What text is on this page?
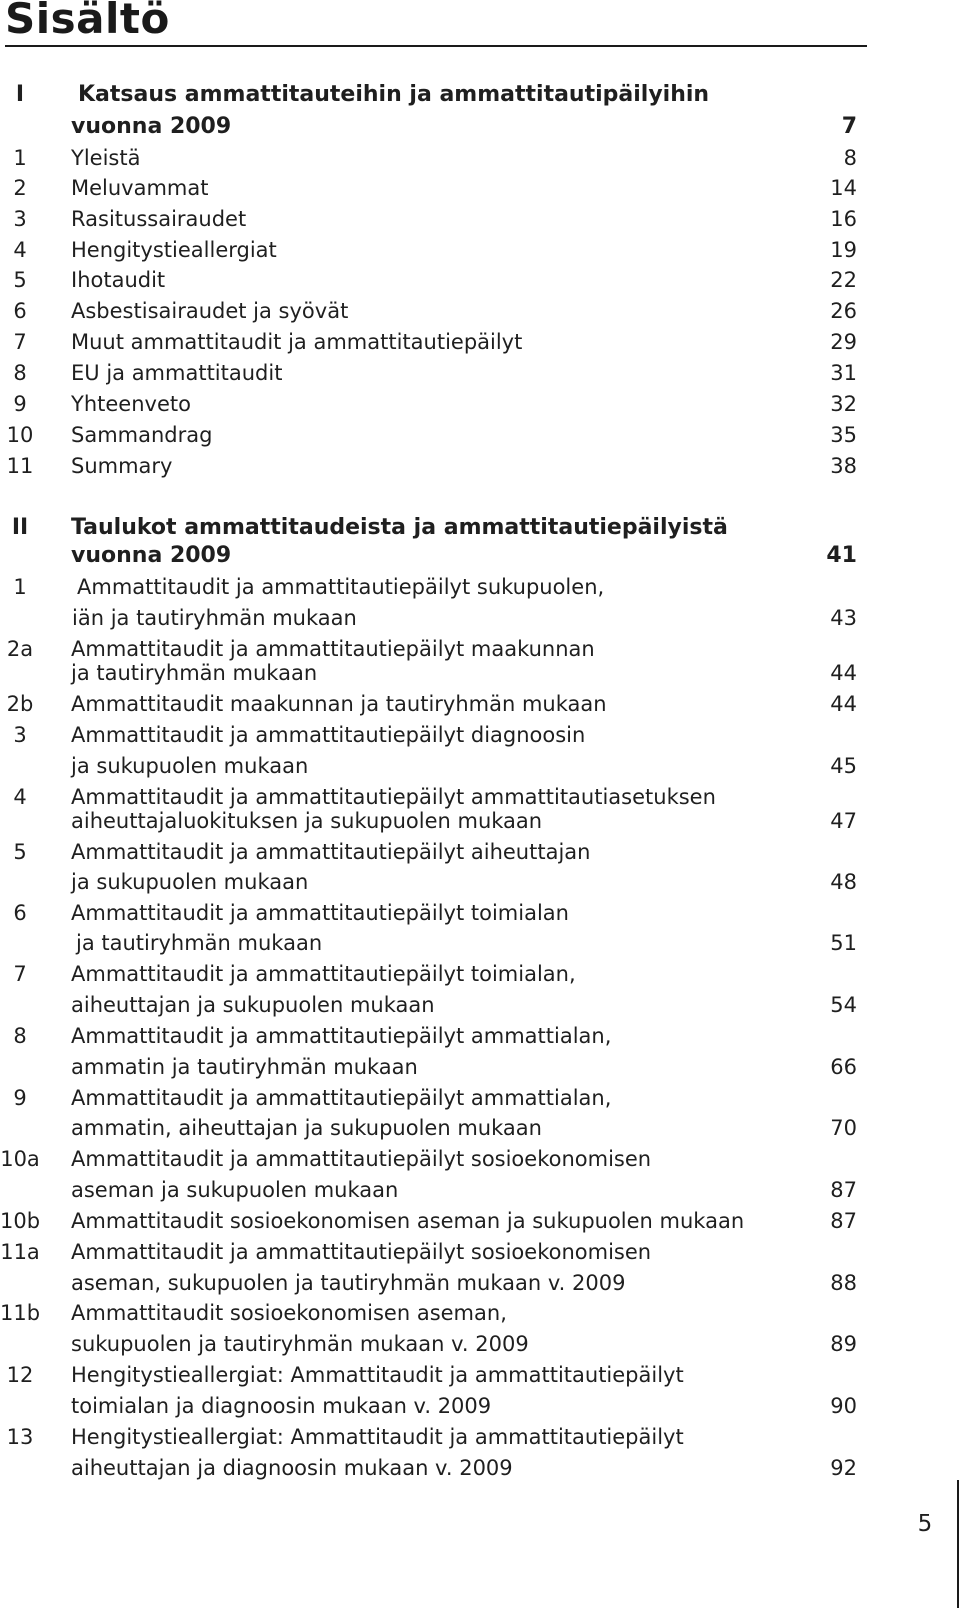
Sisältö
I	Katsaus ammattitauteihin ja ammattitautipäilyihin
vuonna 2009	7
1	Yleistä	8
2	Meluvammat	14
3	Rasitussairaudet	16
4	Hengitystieallergiat	19
5	Ihotaudit	22
6	Asbestisairaudet ja syövät	26
7	Muut ammattitaudit ja ammattitautiepäilyt	29
8	EU ja ammattitaudit	31
9	Yhteenveto	32
10	Sammandrag	35
11	Summary	38
II	Taulukot ammattitaudeista ja ammattitautiepäilyistä
vuonna 2009	41
1	Ammattitaudit ja ammattitautiepäilyt sukupuolen,
iän ja tautiryhmän mukaan	43
2a	Ammattitaudit ja ammattitautiepäilyt maakunnan
ja tautiryhmän mukaan	44
2b	Ammattitaudit maakunnan ja tautiryhmän mukaan	44
3	Ammattitaudit ja ammattitautiepäilyt diagnoosin
ja sukupuolen mukaan	45
4	Ammattitaudit ja ammattitautiepäilyt ammattitautiasetuksen
aiheuttajaluokituksen ja sukupuolen mukaan	47
5	Ammattitaudit ja ammattitautiepäilyt aiheuttajan
ja sukupuolen mukaan	48
6	Ammattitaudit ja ammattitautiepäilyt toimialan
ja tautiryhmän mukaan	51
7	Ammattitaudit ja ammattitautiepäilyt toimialan,
aiheuttajan ja sukupuolen mukaan	54
8	Ammattitaudit ja ammattitautiepäilyt ammattialan,
ammatin ja tautiryhmän mukaan	66
9	Ammattitaudit ja ammattitautiepäilyt ammattialan,
ammatin, aiheuttajan ja sukupuolen mukaan	70
10a Ammattitaudit ja ammattitautiepäilyt sosioekonomisen
aseman ja sukupuolen mukaan	87
10b Ammattitaudit sosioekonomisen aseman ja sukupuolen mukaan	87
11a Ammattitaudit ja ammattitautiepäilyt sosioekonomisen
aseman, sukupuolen ja tautiryhmän mukaan v. 2009	88
11b Ammattitaudit sosioekonomisen aseman,
sukupuolen ja tautiryhmän mukaan v. 2009	89
12	Hengitystieallergiat: Ammattitaudit ja ammattitautiepäilyt
toimialan ja diagnoosin mukaan v. 2009	90
13	Hengitystieallergiat: Ammattitaudit ja ammattitautiepäilyt
aiheuttajan ja diagnoosin mukaan v. 2009	92
5
